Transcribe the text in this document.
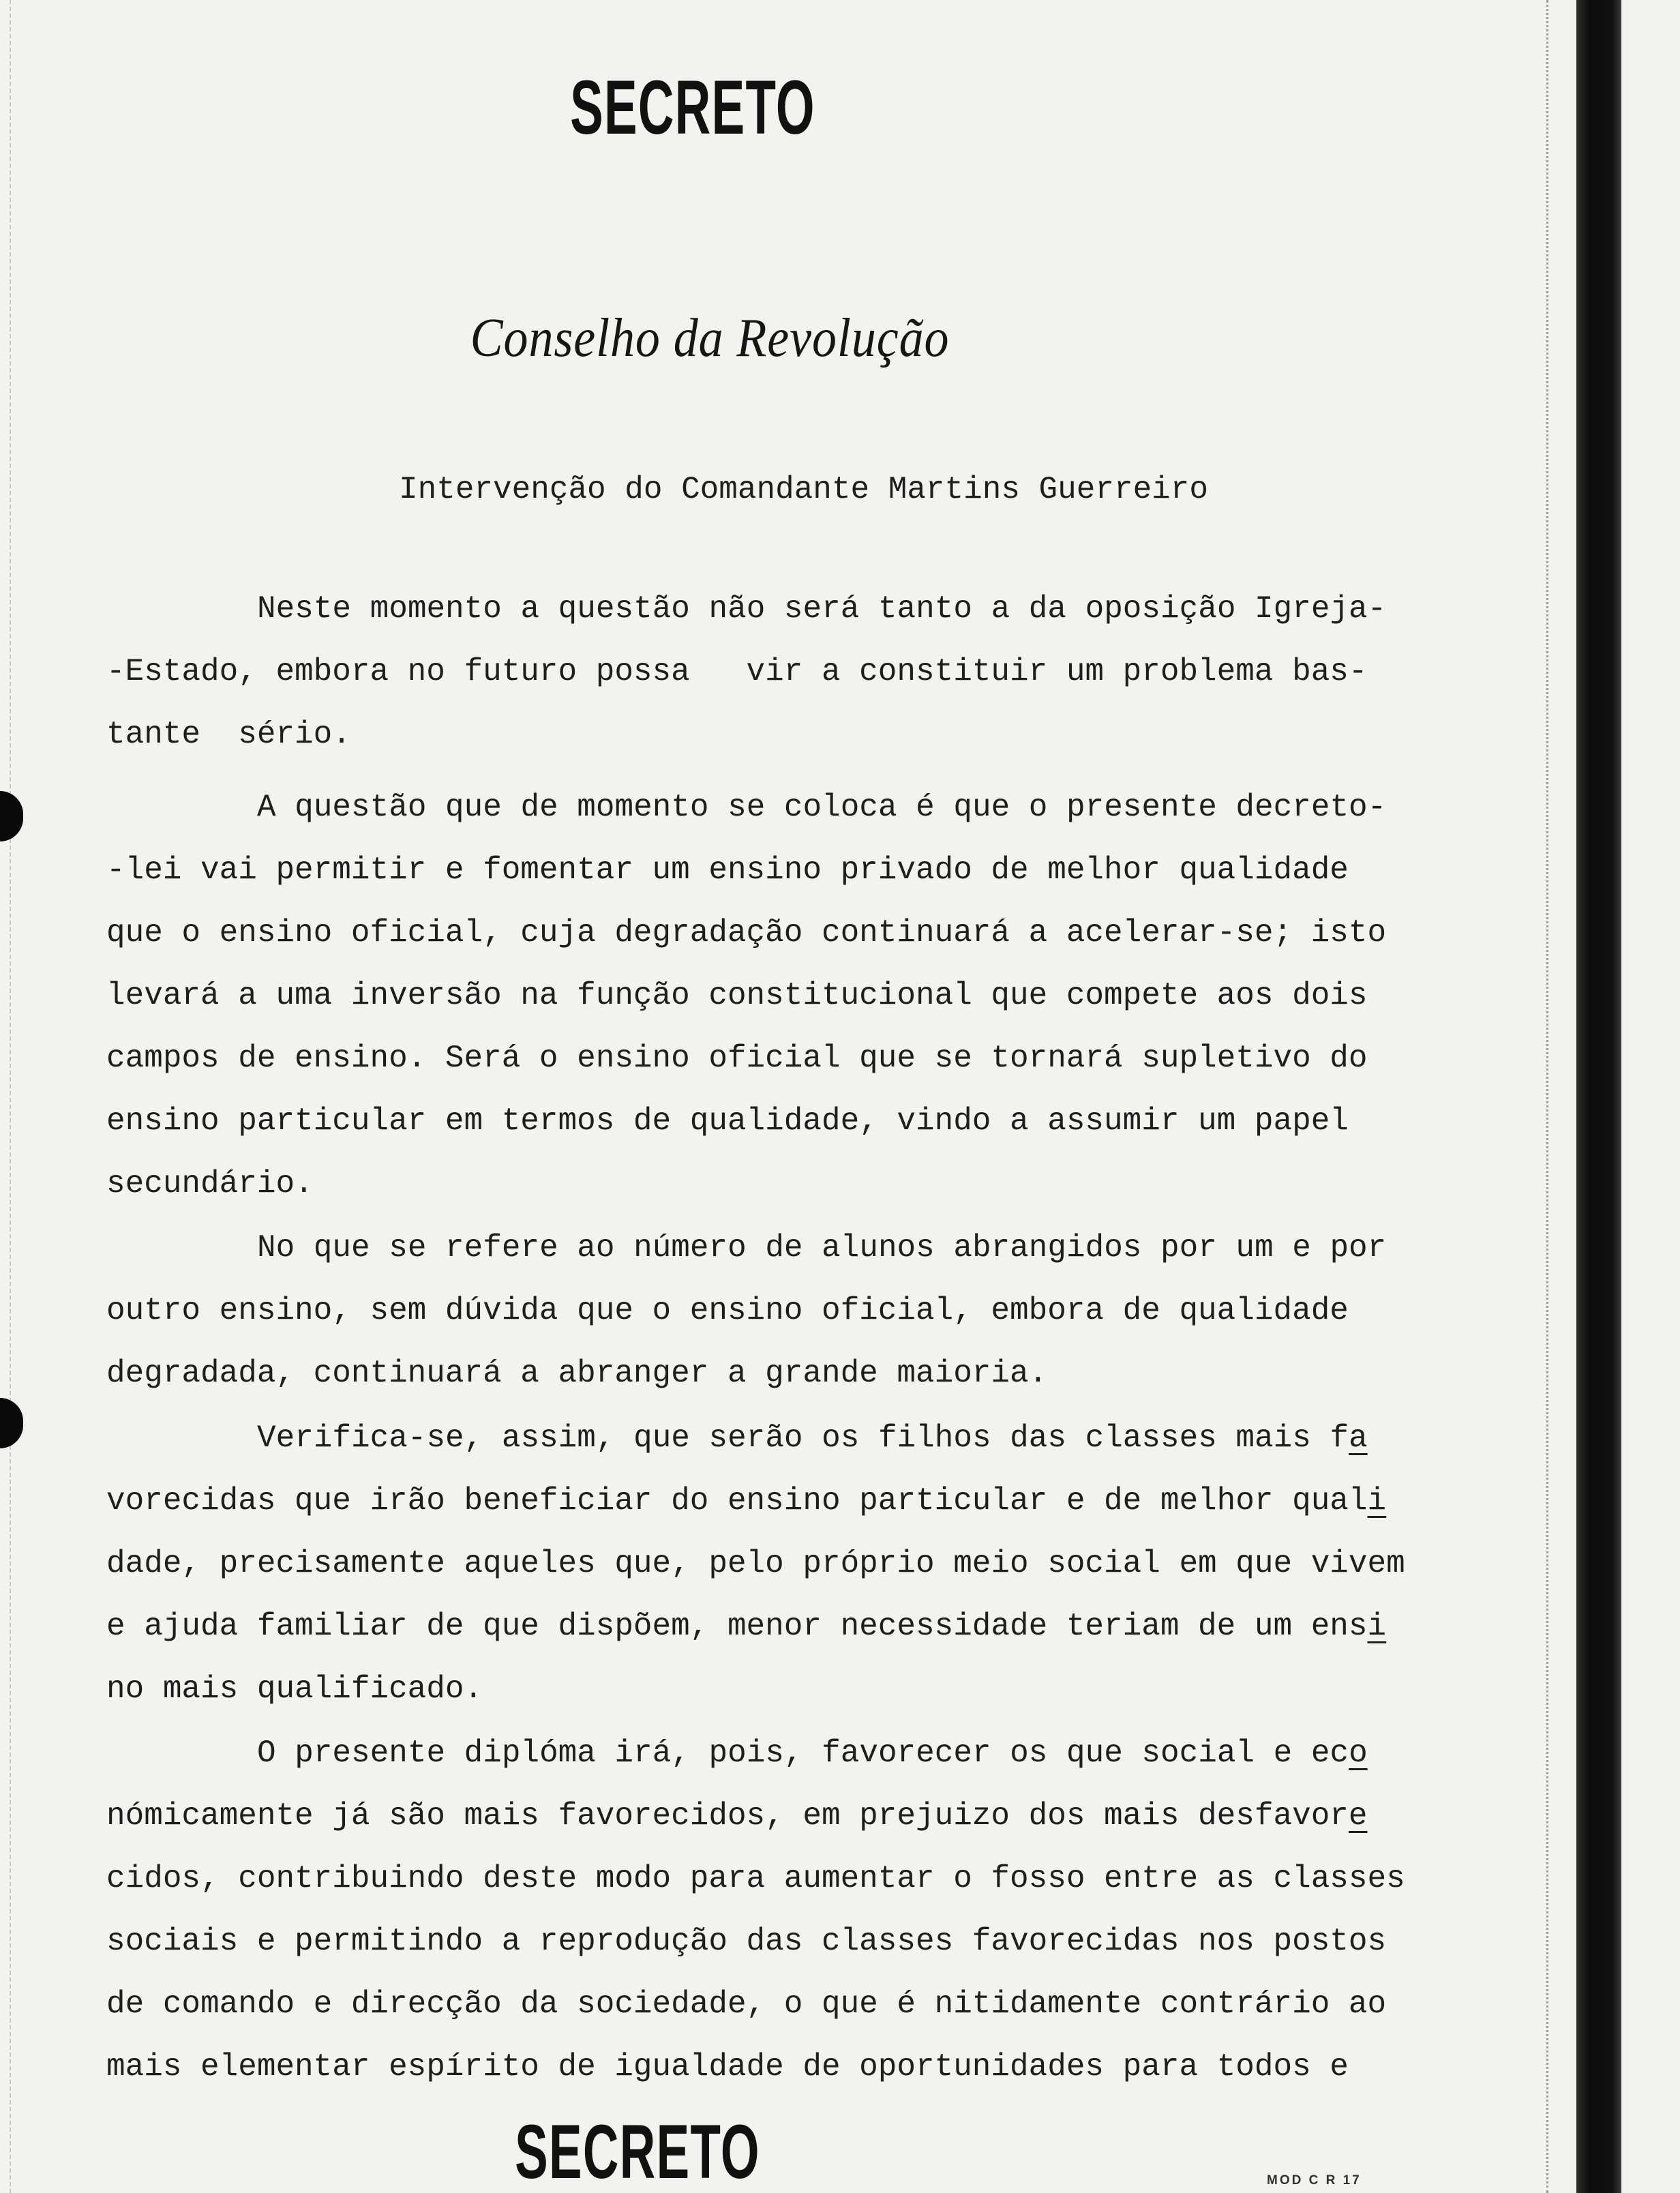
SECRETO
Conselho da Revolução
Intervenção do Comandante Martins Guerreiro
Neste momento a questão não será tanto a da oposição Igreja-
-Estado, embora no futuro possa   vir a constituir um problema bas-
tante  sério.
A questão que de momento se coloca é que o presente decreto-
-lei vai permitir e fomentar um ensino privado de melhor qualidade
que o ensino oficial, cuja degradação continuará a acelerar-se; isto
levará a uma inversão na função constitucional que compete aos dois
campos de ensino. Será o ensino oficial que se tornará supletivo do
ensino particular em termos de qualidade, vindo a assumir um papel
secundário.
No que se refere ao número de alunos abrangidos por um e por
outro ensino, sem dúvida que o ensino oficial, embora de qualidade
degradada, continuará a abranger a grande maioria.
Verifica-se, assim, que serão os filhos das classes mais fa
vorecidas que irão beneficiar do ensino particular e de melhor quali
dade, precisamente aqueles que, pelo próprio meio social em que vivem
e ajuda familiar de que dispõem, menor necessidade teriam de um ensi
no mais qualificado.
O presente diplóma irá, pois, favorecer os que social e eco
nómicamente já são mais favorecidos, em prejuizo dos mais desfavore
cidos, contribuindo deste modo para aumentar o fosso entre as classes
sociais e permitindo a reprodução das classes favorecidas nos postos
de comando e direcção da sociedade, o que é nitidamente contrário ao
mais elementar espírito de igualdade de oportunidades para todos e
SECRETO	MOD C R 17
